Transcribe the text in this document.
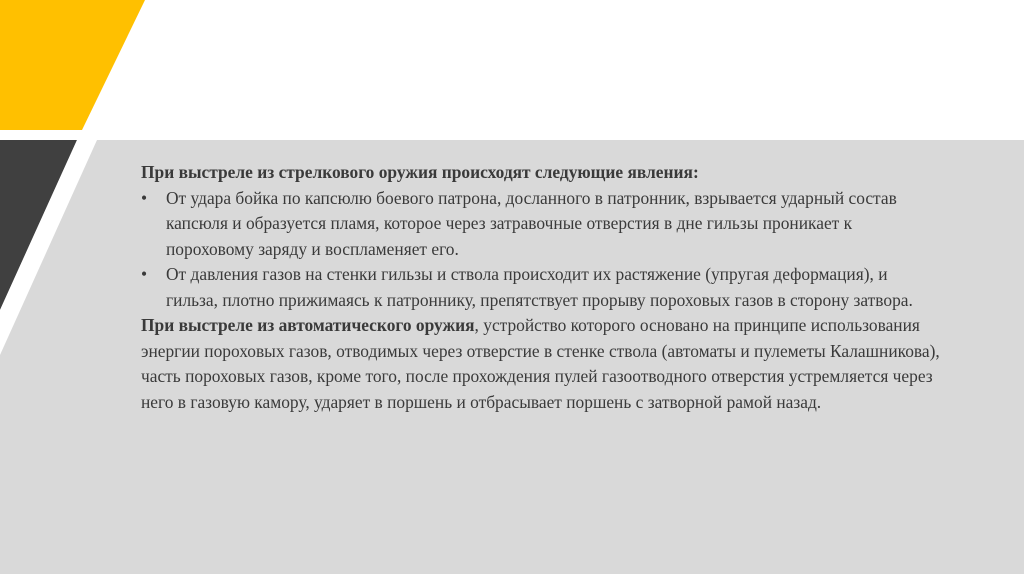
При выстреле из стрелкового оружия происходят следующие явления:

• От удара бойка по капсюлю боевого патрона, досланного в патронник, взрывается ударный состав капсюля и образуется пламя, которое через затравочные отверстия в дне гильзы проникает к пороховому заряду и воспламеняет его.

• От давления газов на стенки гильзы и ствола происходит их растяжение (упругая деформация), и гильза, плотно прижимаясь к патроннику, препятствует прорыву пороховых газов в сторону затвора.

При выстреле из автоматического оружия, устройство которого основано на принципе использования энергии пороховых газов, отводимых через отверстие в стенке ствола (автоматы и пулеметы Калашникова), часть пороховых газов, кроме того, после прохождения пулей газоотводного отверстия устремляется через него в газовую камору, ударяет в поршень и отбрасывает поршень с затворной рамой назад.
